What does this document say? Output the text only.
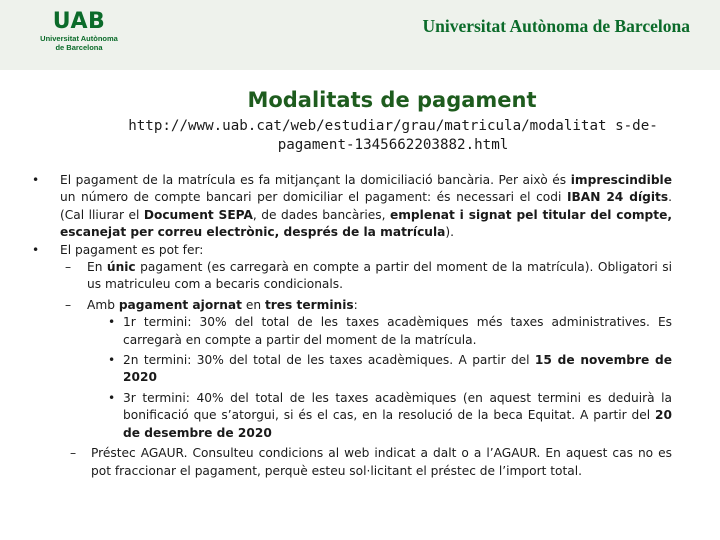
UAB
Universitat Autònoma
de Barcelona
Universitat Autònoma de Barcelona
Modalitats de pagament
http://www.uab.cat/web/estudiar/grau/matricula/modalitat s-de-pagament-1345662203882.html
• El pagament de la matrícula es fa mitjançant la domiciliació bancària. Per això és imprescindible un número de compte bancari per domiciliar el pagament: és necessari el codi IBAN 24 dígits. (Cal lliurar el Document SEPA, de dades bancàries, emplenat i signat pel titular del compte, escanejat per correu electrònic, després de la matrícula).
• El pagament es pot fer:
– En únic pagament (es carregarà en compte a partir del moment de la matrícula). Obligatori si us matriculeu com a becaris condicionals.
– Amb pagament ajornat en tres terminis:
• 1r termini: 30% del total de les taxes acadèmiques més taxes administratives. Es carregarà en compte a partir del moment de la matrícula.
• 2n termini: 30% del total de les taxes acadèmiques. A partir del 15 de novembre de 2020
• 3r termini: 40% del total de les taxes acadèmiques (en aquest termini es deduirà la bonificació que s’atorgui, si és el cas, en la resolució de la beca Equitat. A partir del 20 de desembre de 2020
– Préstec AGAUR. Consulteu condicions al web indicat a dalt o a l’AGAUR. En aquest cas no es pot fraccionar el pagament, perquè esteu sol·licitant el préstec de l’import total.
